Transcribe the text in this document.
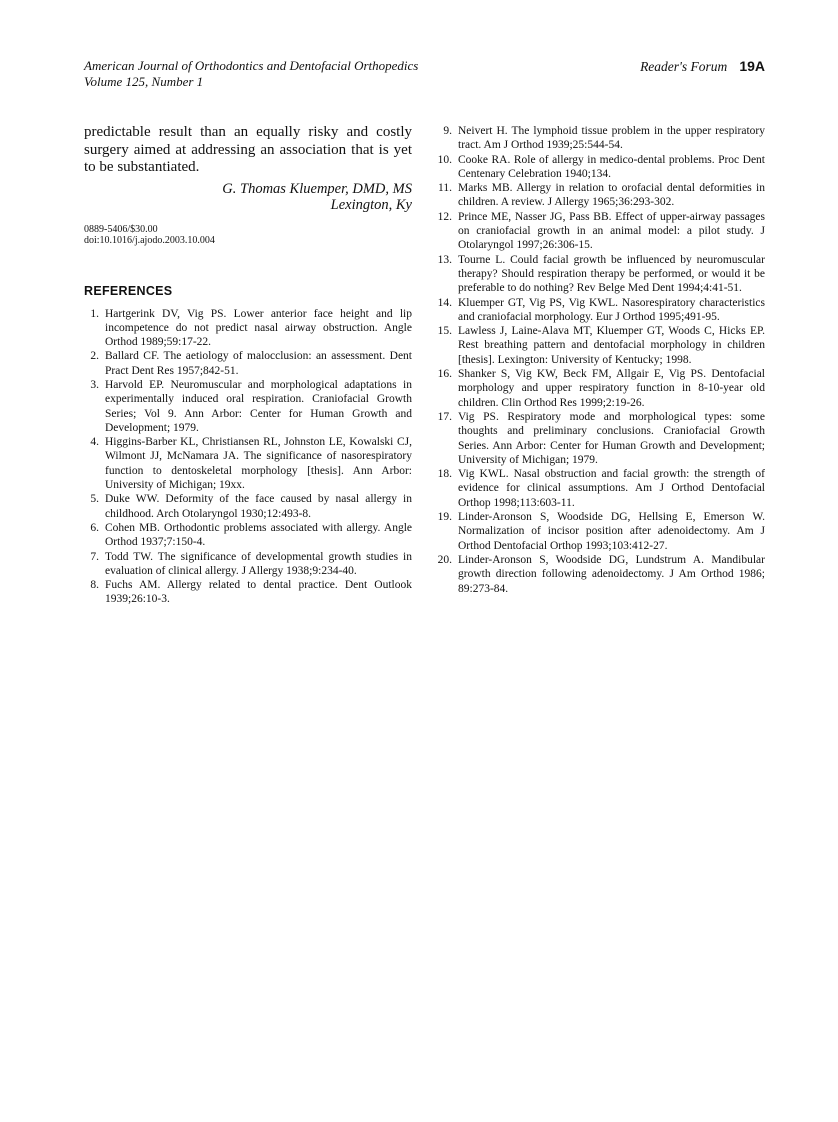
American Journal of Orthodontics and Dentofacial Orthopedics
Volume 125, Number 1
Reader's Forum 19A

predictable result than an equally risky and costly surgery aimed at addressing an association that is yet to be substantiated.

G. Thomas Kluemper, DMD, MS
Lexington, Ky
0889-5406/$30.00
doi:10.1016/j.ajodo.2003.10.004
REFERENCES
1. Hartgerink DV, Vig PS. Lower anterior face height and lip incompetence do not predict nasal airway obstruction. Angle Orthod 1989;59:17-22.
2. Ballard CF. The aetiology of malocclusion: an assessment. Dent Pract Dent Res 1957;842-51.
3. Harvold EP. Neuromuscular and morphological adaptations in experimentally induced oral respiration. Craniofacial Growth Series; Vol 9. Ann Arbor: Center for Human Growth and Development; 1979.
4. Higgins-Barber KL, Christiansen RL, Johnston LE, Kowalski CJ, Wilmont JJ, McNamara JA. The significance of nasorespiratory function to dentoskeletal morphology [thesis]. Ann Arbor: University of Michigan; 19xx.
5. Duke WW. Deformity of the face caused by nasal allergy in childhood. Arch Otolaryngol 1930;12:493-8.
6. Cohen MB. Orthodontic problems associated with allergy. Angle Orthod 1937;7:150-4.
7. Todd TW. The significance of developmental growth studies in evaluation of clinical allergy. J Allergy 1938;9:234-40.
8. Fuchs AM. Allergy related to dental practice. Dent Outlook 1939;26:10-3.
9. Neivert H. The lymphoid tissue problem in the upper respiratory tract. Am J Orthod 1939;25:544-54.
10. Cooke RA. Role of allergy in medico-dental problems. Proc Dent Centenary Celebration 1940;134.
11. Marks MB. Allergy in relation to orofacial dental deformities in children. A review. J Allergy 1965;36:293-302.
12. Prince ME, Nasser JG, Pass BB. Effect of upper-airway passages on craniofacial growth in an animal model: a pilot study. J Otolaryngol 1997;26:306-15.
13. Tourne L. Could facial growth be influenced by neuromuscular therapy? Should respiration therapy be performed, or would it be preferable to do nothing? Rev Belge Med Dent 1994;4:41-51.
14. Kluemper GT, Vig PS, Vig KWL. Nasorespiratory characteristics and craniofacial morphology. Eur J Orthod 1995;491-95.
15. Lawless J, Laine-Alava MT, Kluemper GT, Woods C, Hicks EP. Rest breathing pattern and dentofacial morphology in children [thesis]. Lexington: University of Kentucky; 1998.
16. Shanker S, Vig KW, Beck FM, Allgair E, Vig PS. Dentofacial morphology and upper respiratory function in 8-10-year old children. Clin Orthod Res 1999;2:19-26.
17. Vig PS. Respiratory mode and morphological types: some thoughts and preliminary conclusions. Craniofacial Growth Series. Ann Arbor: Center for Human Growth and Development; University of Michigan; 1979.
18. Vig KWL. Nasal obstruction and facial growth: the strength of evidence for clinical assumptions. Am J Orthod Dentofacial Orthop 1998;113:603-11.
19. Linder-Aronson S, Woodside DG, Hellsing E, Emerson W. Normalization of incisor position after adenoidectomy. Am J Orthod Dentofacial Orthop 1993;103:412-27.
20. Linder-Aronson S, Woodside DG, Lundstrum A. Mandibular growth direction following adenoidectomy. J Am Orthod 1986; 89:273-84.
